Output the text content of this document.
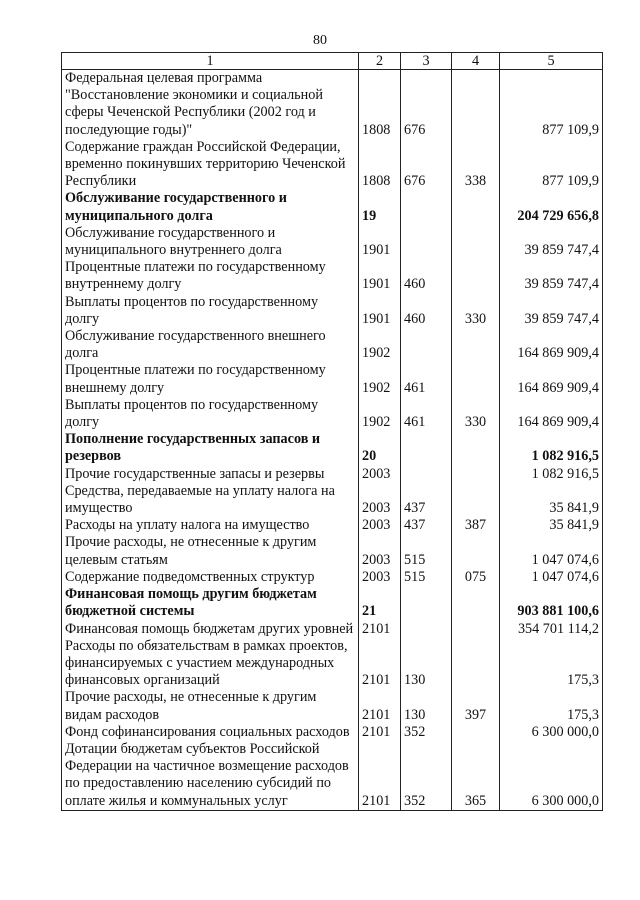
80
1	2	3	4	5
Федеральная целевая программа "Восстановление экономики и социальной сферы Чеченской Республики (2002 год и последующие годы)"	1808	676		877 109,9
Содержание граждан Российской Федерации, временно покинувших территорию Чеченской Республики	1808	676	338	877 109,9
Обслуживание государственного и муниципального долга	19			204 729 656,8
Обслуживание государственного и муниципального внутреннего долга	1901			39 859 747,4
Процентные платежи по государственному внутреннему долгу	1901	460		39 859 747,4
Выплаты процентов по государственному долгу	1901	460	330	39 859 747,4
Обслуживание государственного внешнего долга	1902			164 869 909,4
Процентные платежи по государственному внешнему долгу	1902	461		164 869 909,4
Выплаты процентов по государственному долгу	1902	461	330	164 869 909,4
Пополнение государственных запасов и резервов	20			1 082 916,5
Прочие государственные запасы и резервы	2003			1 082 916,5
Средства, передаваемые на уплату налога на имущество	2003	437		35 841,9
Расходы на уплату налога на имущество	2003	437	387	35 841,9
Прочие расходы, не отнесенные к другим целевым статьям	2003	515		1 047 074,6
Содержание подведомственных структур	2003	515	075	1 047 074,6
Финансовая помощь другим бюджетам бюджетной системы	21			903 881 100,6
Финансовая помощь бюджетам других уровней	2101			354 701 114,2
Расходы по обязательствам в рамках проектов, финансируемых с участием международных финансовых организаций	2101	130		175,3
Прочие расходы, не отнесенные к другим видам расходов	2101	130	397	175,3
Фонд софинансирования социальных расходов	2101	352		6 300 000,0
Дотации бюджетам субъектов Российской Федерации на частичное возмещение расходов по предоставлению населению субсидий по оплате жилья и коммунальных услуг	2101	352	365	6 300 000,0
